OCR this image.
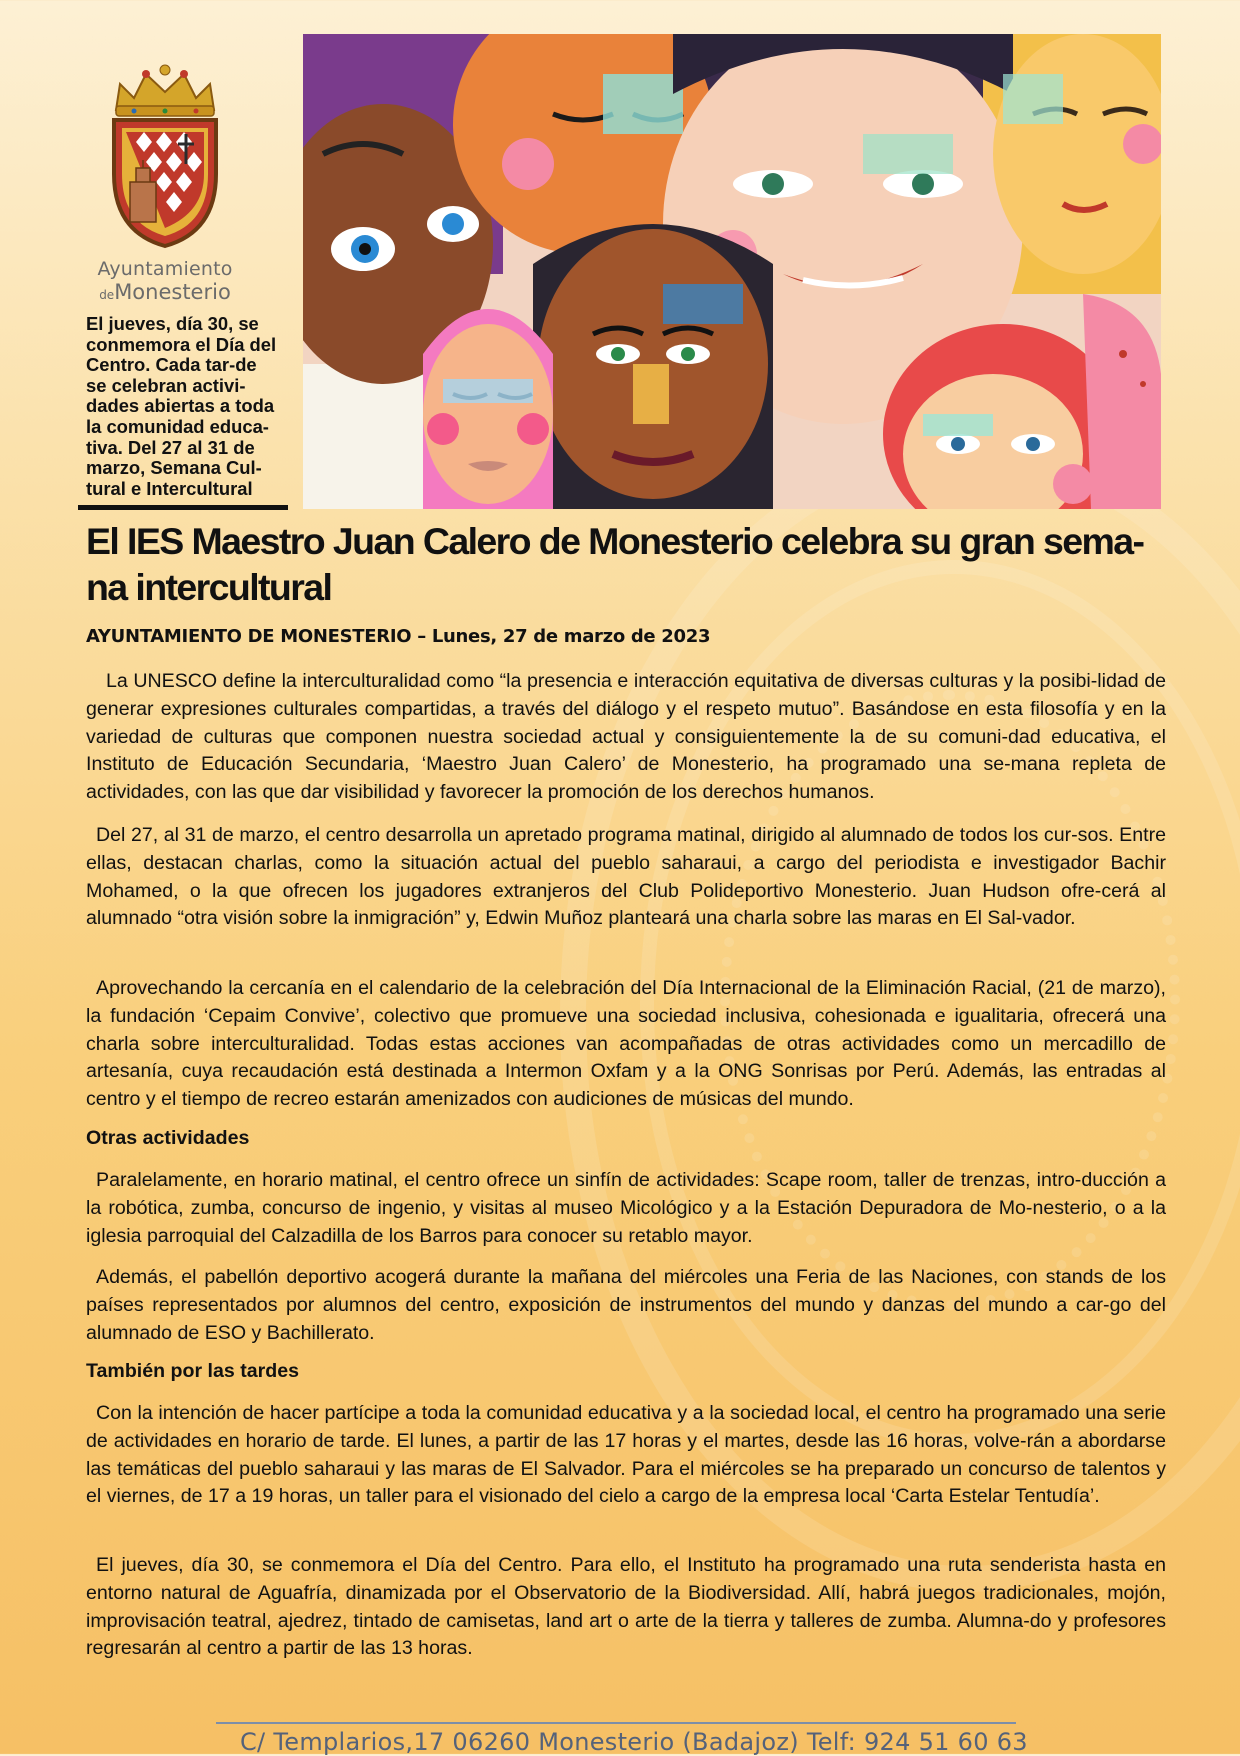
Ayuntamiento
deMonesterio

El jueves, día 30, se conmemora el Día del Centro. Cada tar-de se celebran activi-dades abiertas a toda la comunidad educa-tiva. Del 27 al 31 de marzo, Semana Cul-tural e Intercultural

El IES Maestro Juan Calero de Monesterio celebra su gran sema-na intercultural

AYUNTAMIENTO DE MONESTERIO – Lunes, 27 de marzo de 2023

La UNESCO define la interculturalidad como “la presencia e interacción equitativa de diversas culturas y la posibi-lidad de generar expresiones culturales compartidas, a través del diálogo y el respeto mutuo”. Basándose en esta filosofía y en la variedad de culturas que componen nuestra sociedad actual y consiguientemente la de su comuni-dad educativa, el Instituto de Educación Secundaria, ‘Maestro Juan Calero’ de Monesterio, ha programado una se-mana repleta de actividades, con las que dar visibilidad y favorecer la promoción de los derechos humanos.

Del 27, al 31 de marzo, el centro desarrolla un apretado programa matinal, dirigido al alumnado de todos los cur-sos. Entre ellas, destacan charlas, como la situación actual del pueblo saharaui, a cargo del periodista e investigador Bachir Mohamed, o la que ofrecen los jugadores extranjeros del Club Polideportivo Monesterio. Juan Hudson ofre-cerá al alumnado “otra visión sobre la inmigración” y, Edwin Muñoz planteará una charla sobre las maras en El Sal-vador.

Aprovechando la cercanía en el calendario de la celebración del Día Internacional de la Eliminación Racial, (21 de marzo), la fundación ‘Cepaim Convive’, colectivo que promueve una sociedad inclusiva, cohesionada e igualitaria, ofrecerá una charla sobre interculturalidad. Todas estas acciones van acompañadas de otras actividades como un mercadillo de artesanía, cuya recaudación está destinada a Intermon Oxfam y a la ONG Sonrisas por Perú. Además, las entradas al centro y el tiempo de recreo estarán amenizados con audiciones de músicas del mundo.

Otras actividades

Paralelamente, en horario matinal, el centro ofrece un sinfín de actividades: Scape room, taller de trenzas, intro-ducción a la robótica, zumba, concurso de ingenio, y visitas al museo Micológico y a la Estación Depuradora de Mo-nesterio, o a la iglesia parroquial del Calzadilla de los Barros para conocer su retablo mayor.

Además, el pabellón deportivo acogerá durante la mañana del miércoles una Feria de las Naciones, con stands de los países representados por alumnos del centro, exposición de instrumentos del mundo y danzas del mundo a car-go del alumnado de ESO y Bachillerato.

También por las tardes

Con la intención de hacer partícipe a toda la comunidad educativa y a la sociedad local, el centro ha programado una serie de actividades en horario de tarde. El lunes, a partir de las 17 horas y el martes, desde las 16 horas, volve-rán a abordarse las temáticas del pueblo saharaui y las maras de El Salvador. Para el miércoles se ha preparado un concurso de talentos y el viernes, de 17 a 19 horas, un taller para el visionado del cielo a cargo de la empresa local ‘Carta Estelar Tentudía’.

El jueves, día 30, se conmemora el Día del Centro. Para ello, el Instituto ha programado una ruta senderista hasta en entorno natural de Aguafría, dinamizada por el Observatorio de la Biodiversidad. Allí, habrá juegos tradicionales, mojón, improvisación teatral, ajedrez, tintado de camisetas, land art o arte de la tierra y talleres de zumba. Alumna-do y profesores regresarán al centro a partir de las 13 horas.

C/ Templarios,17 06260 Monesterio (Badajoz) Telf: 924 51 60 63
